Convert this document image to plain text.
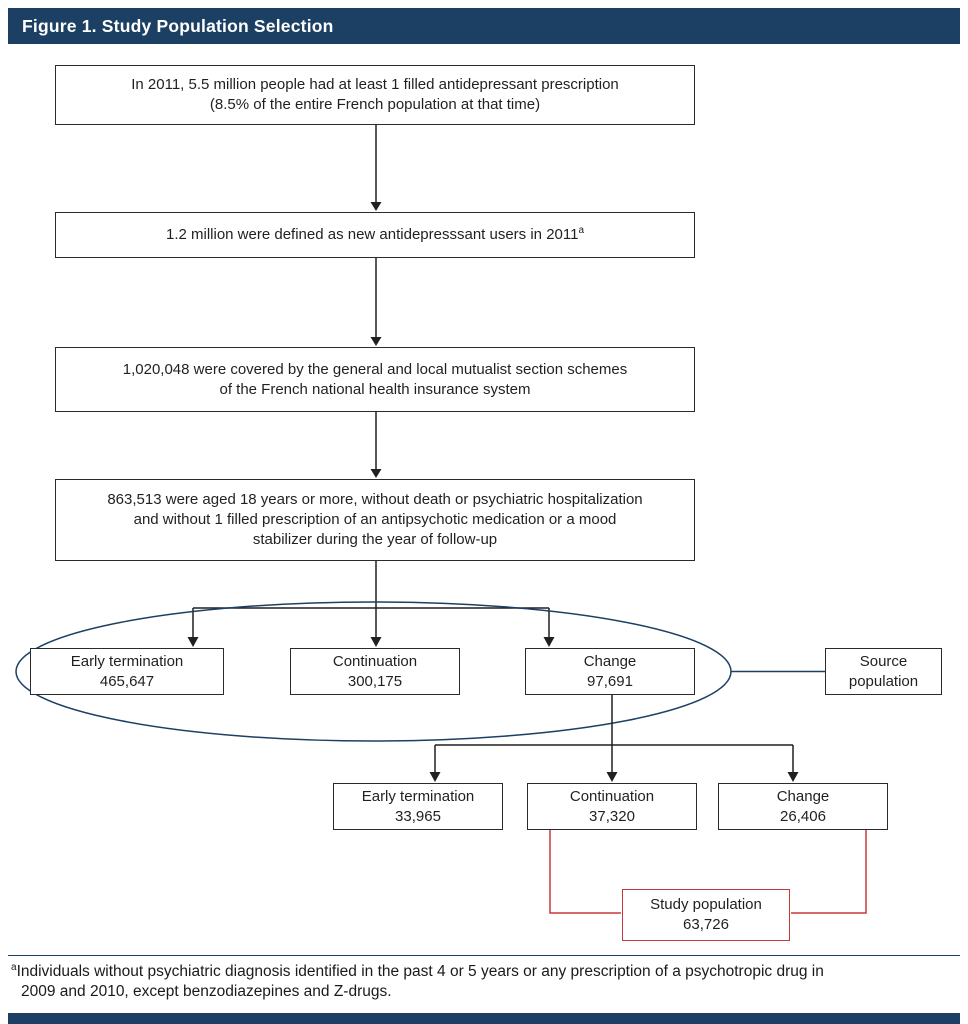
Figure 1. Study Population Selection
In 2011, 5.5 million people had at least 1 filled antidepressant prescription
(8.5% of the entire French population at that time)
1.2 million were defined as new antidepresssant users in 2011$^a$
1,020,048 were covered by the general and local mutualist section schemes
of the French national health insurance system
863,513 were aged 18 years or more, without death or psychiatric hospitalization
and without 1 filled prescription of an antipsychotic medication or a mood
stabilizer during the year of follow-up
Early termination
465,647
Continuation
300,175
Change
97,691
Source
population
Early termination
33,965
Continuation
37,320
Change
26,406
Study population
63,726
$^a$Individuals without psychiatric diagnosis identified in the past 4 or 5 years or any prescription of a psychotropic drug in
2009 and 2010, except benzodiazepines and Z-drugs.
